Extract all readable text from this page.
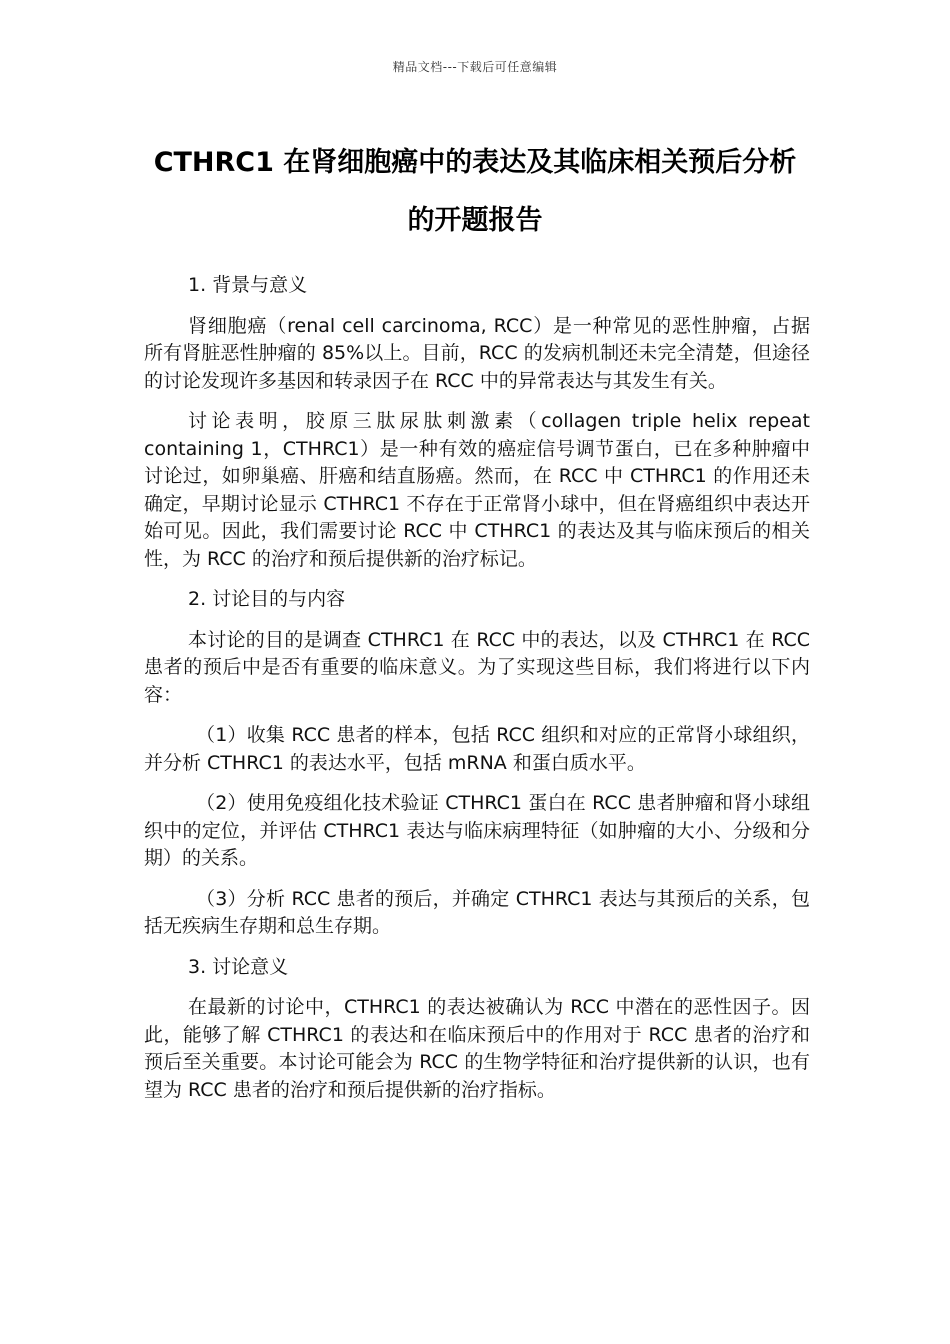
精品文档---下载后可任意编辑
CTHRC1 在肾细胞癌中的表达及其临床相关预后分析的开题报告

1. 背景与意义

肾细胞癌（renal cell carcinoma, RCC）是一种常见的恶性肿瘤，占据所有肾脏恶性肿瘤的 85%以上。目前，RCC 的发病机制还未完全清楚，但途径的讨论发现许多基因和转录因子在 RCC 中的异常表达与其发生有关。

讨论表明，胶原三肽尿肽刺激素（collagen triple helix repeat containing 1，CTHRC1）是一种有效的癌症信号调节蛋白，已在多种肿瘤中讨论过，如卵巢癌、肝癌和结直肠癌。然而，在 RCC 中 CTHRC1 的作用还未确定，早期讨论显示 CTHRC1 不存在于正常肾小球中，但在肾癌组织中表达开始可见。因此，我们需要讨论 RCC 中 CTHRC1 的表达及其与临床预后的相关性，为 RCC 的治疗和预后提供新的治疗标记。

2. 讨论目的与内容

本讨论的目的是调查 CTHRC1 在 RCC 中的表达，以及 CTHRC1 在 RCC 患者的预后中是否有重要的临床意义。为了实现这些目标，我们将进行以下内容：

（1）收集 RCC 患者的样本，包括 RCC 组织和对应的正常肾小球组织，并分析 CTHRC1 的表达水平，包括 mRNA 和蛋白质水平。

（2）使用免疫组化技术验证 CTHRC1 蛋白在 RCC 患者肿瘤和肾小球组织中的定位，并评估 CTHRC1 表达与临床病理特征（如肿瘤的大小、分级和分期）的关系。

（3）分析 RCC 患者的预后，并确定 CTHRC1 表达与其预后的关系，包括无疾病生存期和总生存期。

3. 讨论意义

在最新的讨论中，CTHRC1 的表达被确认为 RCC 中潜在的恶性因子。因此，能够了解 CTHRC1 的表达和在临床预后中的作用对于 RCC 患者的治疗和预后至关重要。本讨论可能会为 RCC 的生物学特征和治疗提供新的认识，也有望为 RCC 患者的治疗和预后提供新的治疗指标。
